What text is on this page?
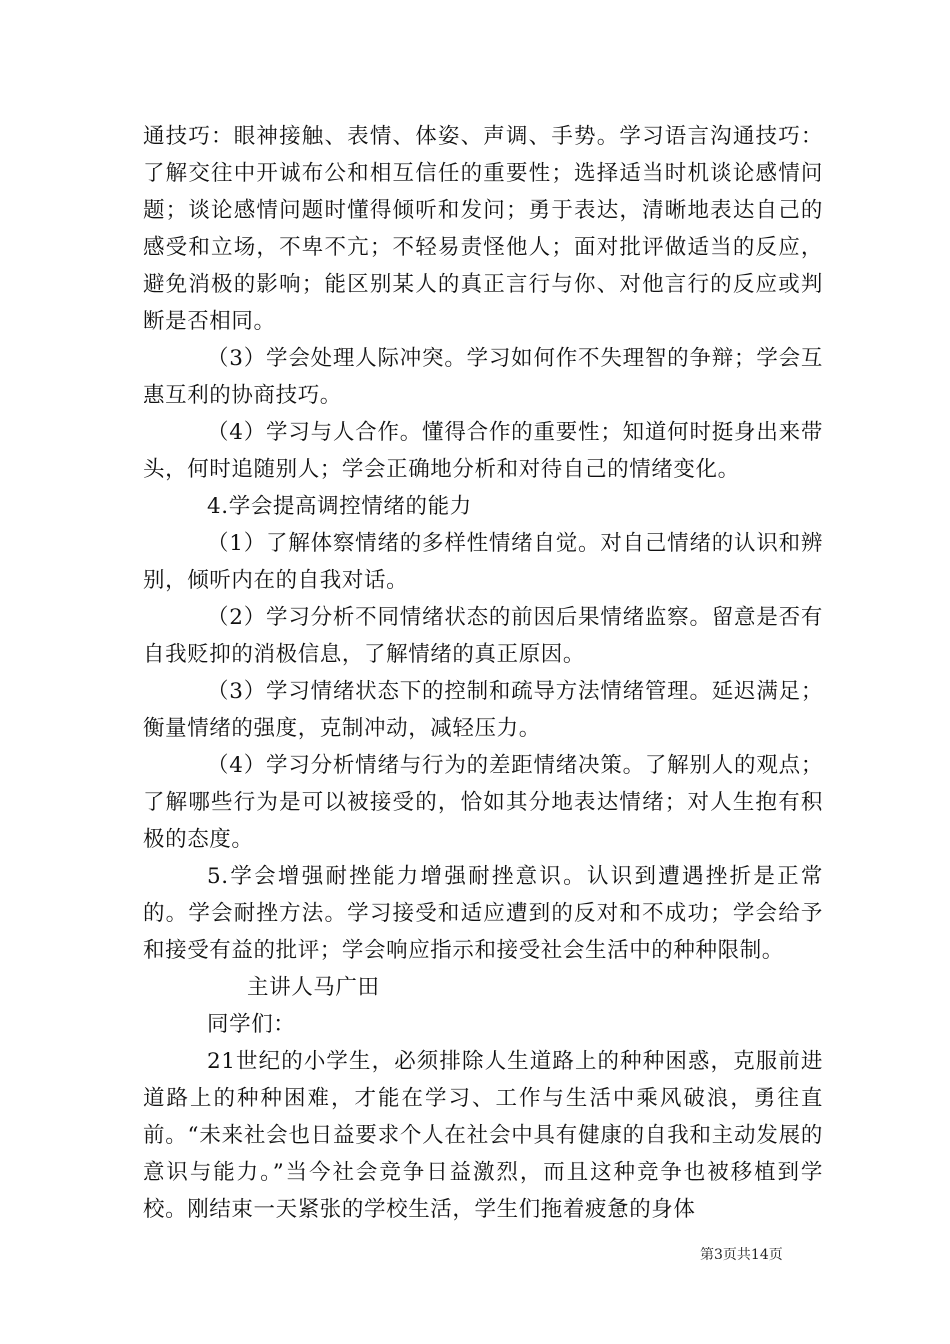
通技巧：眼神接触、表情、体姿、声调、手势。学习语言沟通技巧：了解交往中开诚布公和相互信任的重要性；选择适当时机谈论感情问题；谈论感情问题时懂得倾听和发问；勇于表达，清晰地表达自己的感受和立场，不卑不亢；不轻易责怪他人；面对批评做适当的反应，避免消极的影响；能区别某人的真正言行与你、对他言行的反应或判断是否相同。

（3）学会处理人际冲突。学习如何作不失理智的争辩；学会互惠互利的协商技巧。

（4）学习与人合作。懂得合作的重要性；知道何时挺身出来带头，何时追随别人；学会正确地分析和对待自己的情绪变化。

4.学会提高调控情绪的能力

（1）了解体察情绪的多样性情绪自觉。对自己情绪的认识和辨别，倾听内在的自我对话。

（2）学习分析不同情绪状态的前因后果情绪监察。留意是否有自我贬抑的消极信息，了解情绪的真正原因。

（3）学习情绪状态下的控制和疏导方法情绪管理。延迟满足；衡量情绪的强度，克制冲动，减轻压力。

（4）学习分析情绪与行为的差距情绪决策。了解别人的观点；了解哪些行为是可以被接受的，恰如其分地表达情绪；对人生抱有积极的态度。

5.学会增强耐挫能力增强耐挫意识。认识到遭遇挫折是正常的。学会耐挫方法。学习接受和适应遭到的反对和不成功；学会给予和接受有益的批评；学会响应指示和接受社会生活中的种种限制。

主讲人马广田

同学们：

21世纪的小学生，必须排除人生道路上的种种困惑，克服前进道路上的种种困难，才能在学习、工作与生活中乘风破浪，勇往直前。“未来社会也日益要求个人在社会中具有健康的自我和主动发展的意识与能力。”当今社会竞争日益激烈，而且这种竞争也被移植到学校。刚结束一天紧张的学校生活，学生们拖着疲惫的身体

第3页共14页
